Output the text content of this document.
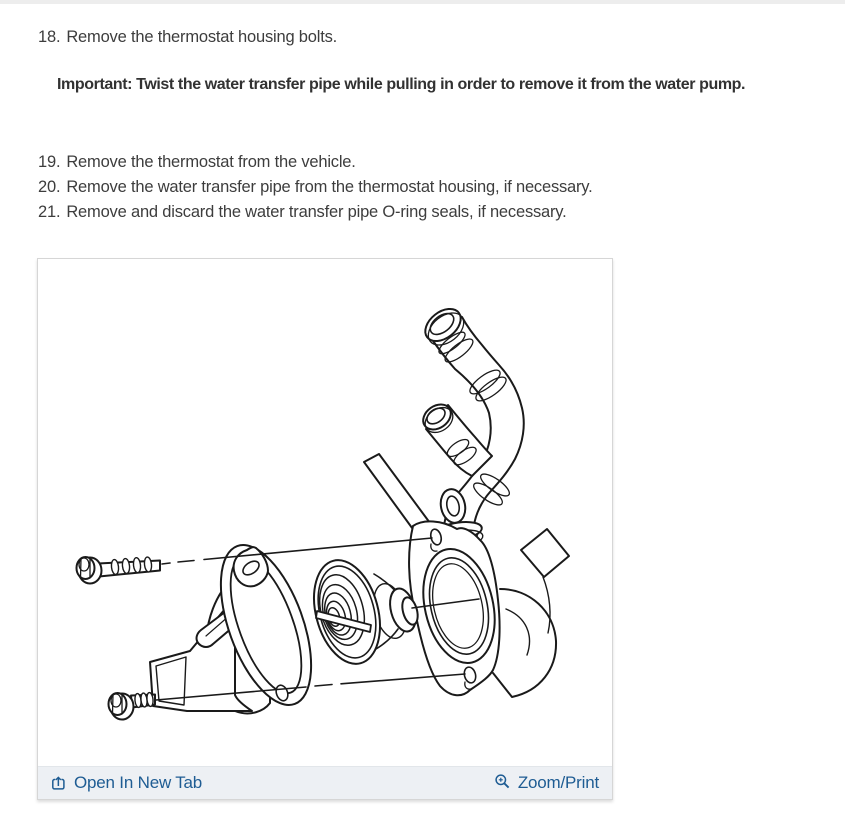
18. Remove the thermostat housing bolts.

Important: Twist the water transfer pipe while pulling in order to remove it from the water pump.

19. Remove the thermostat from the vehicle.

20. Remove the water transfer pipe from the thermostat housing, if necessary.

21. Remove and discard the water transfer pipe O-ring seals, if necessary.

Open In New Tab	Zoom/Print
